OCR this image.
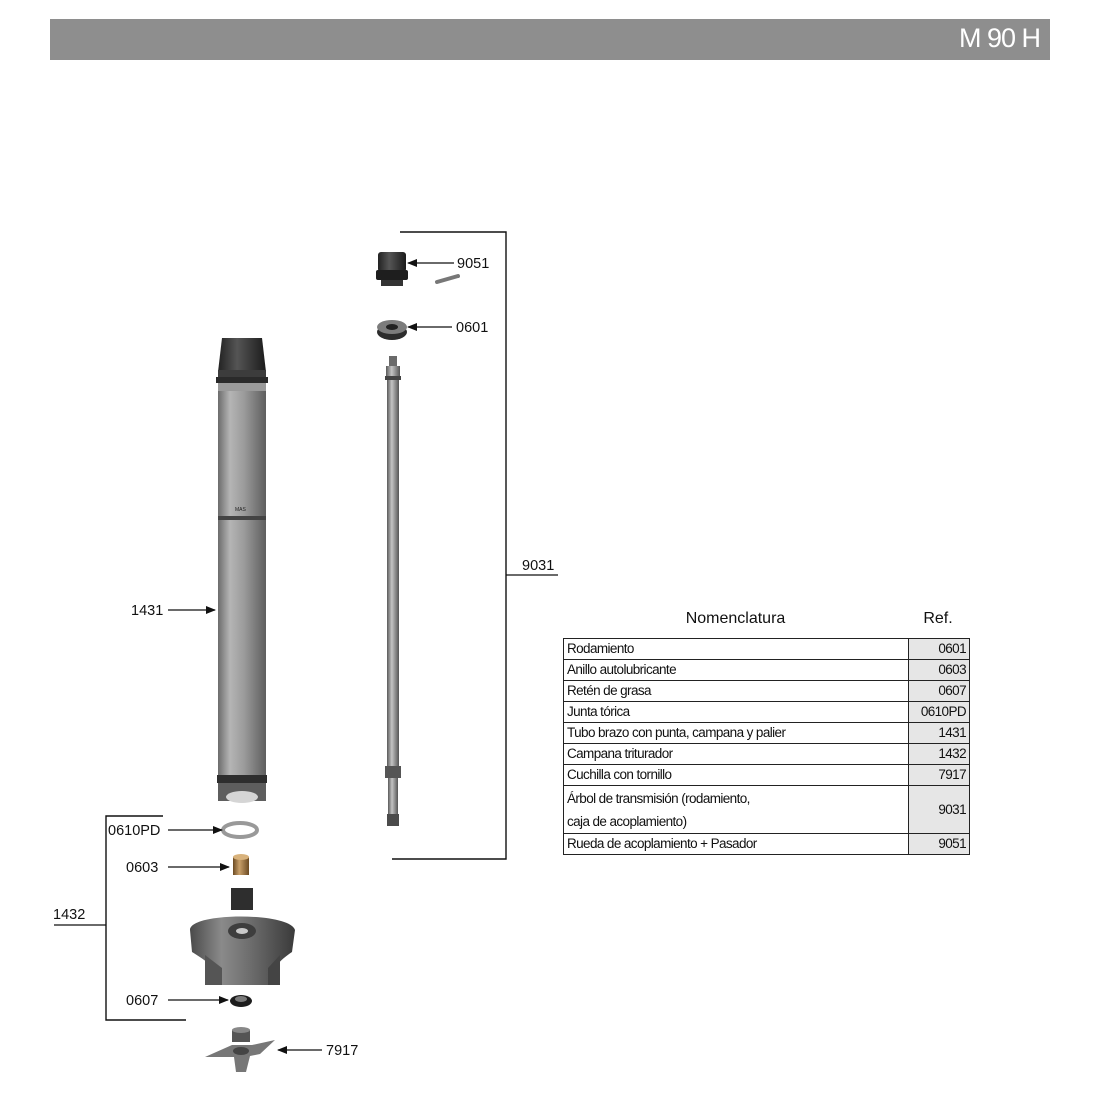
M 90 H
MAS
9051
0601
9031
1431
0610PD
0603
1432
0607
7917
Nomenclatura	Ref.
Rodamiento	0601
Anillo autolubricante	0603
Retén de grasa	0607
Junta tórica	0610PD
Tubo brazo con punta, campana y palier	1431
Campana triturador	1432
Cuchilla con tornillo	7917

Árbol de transmisión (rodamiento,
caja de acoplamiento)	9031
Rueda de acoplamiento + Pasador	9051
